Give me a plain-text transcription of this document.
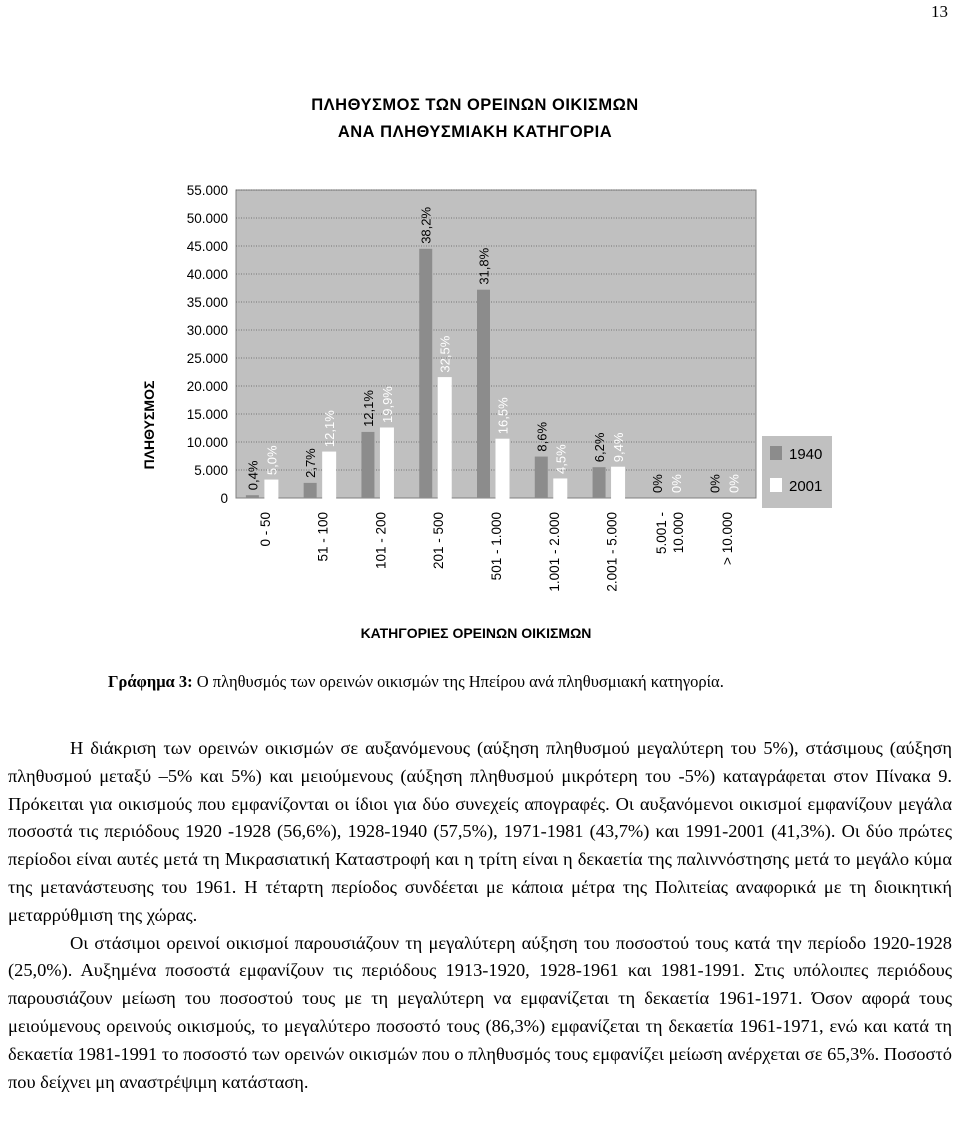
13
ΠΛΗΘΥΣΜΟΣ ΤΩΝ ΟΡΕΙΝΩΝ ΟΙΚΙΣΜΩΝ
ΑΝΑ ΠΛΗΘΥΣΜΙΑΚΗ ΚΑΤΗΓΟΡΙΑ
0
5.000
10.000
15.000
20.000
25.000
30.000
35.000
40.000
45.000
50.000
55.000
ΠΛΗΘΥΣΜΟΣ
0,4%	2,7%
12,1%
38,2%
31,8%
8,6%	6,2%
0%	0%
5,0%
12,1%
19,9%
32,5%
16,5%
4,5%	9,4%
0%	0%
0 - 50	51 - 100	101 - 200	201 - 500	501 - 1.000	1.001 - 2.000	2.001 - 5.000	5.001 - 10.000	> 10.000
ΚΑΤΗΓΟΡΙΕΣ ΟΡΕΙΝΩΝ ΟΙΚΙΣΜΩΝ
1940
2001
Γράφημα 3: Ο πληθυσμός των ορεινών οικισμών της Ηπείρου ανά πληθυσμιακή κατηγορία.

Η διάκριση των ορεινών οικισμών σε αυξανόμενους (αύξηση πληθυσμού μεγαλύτερη του 5%), στάσιμους (αύξηση πληθυσμού μεταξύ –5% και 5%) και μειούμενους (αύξηση πληθυσμού μικρότερη του -5%) καταγράφεται στον Πίνακα 9. Πρόκειται για οικισμούς που εμφανίζονται οι ίδιοι για δύο συνεχείς απογραφές. Οι αυξανόμενοι οικισμοί εμφανίζουν μεγάλα ποσοστά τις περιόδους 1920 -1928 (56,6%), 1928-1940 (57,5%), 1971-1981 (43,7%) και 1991-2001 (41,3%). Οι δύο πρώτες περίοδοι είναι αυτές μετά τη Μικρασιατική Καταστροφή και η τρίτη είναι η δεκαετία της παλιννόστησης μετά το μεγάλο κύμα της μετανάστευσης του 1961. Η τέταρτη περίοδος συνδέεται με κάποια μέτρα της Πολιτείας αναφορικά με τη διοικητική μεταρρύθμιση της χώρας.

Οι στάσιμοι ορεινοί οικισμοί παρουσιάζουν τη μεγαλύτερη αύξηση του ποσοστού τους κατά την περίοδο 1920-1928 (25,0%). Αυξημένα ποσοστά εμφανίζουν τις περιόδους 1913-1920, 1928-1961 και 1981-1991. Στις υπόλοιπες περιόδους παρουσιάζουν μείωση του ποσοστού τους με τη μεγαλύτερη να εμφανίζεται τη δεκαετία 1961-1971. Όσον αφορά τους μειούμενους ορεινούς οικισμούς, το μεγαλύτερο ποσοστό τους (86,3%) εμφανίζεται τη δεκαετία 1961-1971, ενώ και κατά τη δεκαετία 1981-1991 το ποσοστό των ορεινών οικισμών που ο πληθυσμός τους εμφανίζει μείωση ανέρχεται σε 65,3%. Ποσοστό που δείχνει μη αναστρέψιμη κατάσταση.
